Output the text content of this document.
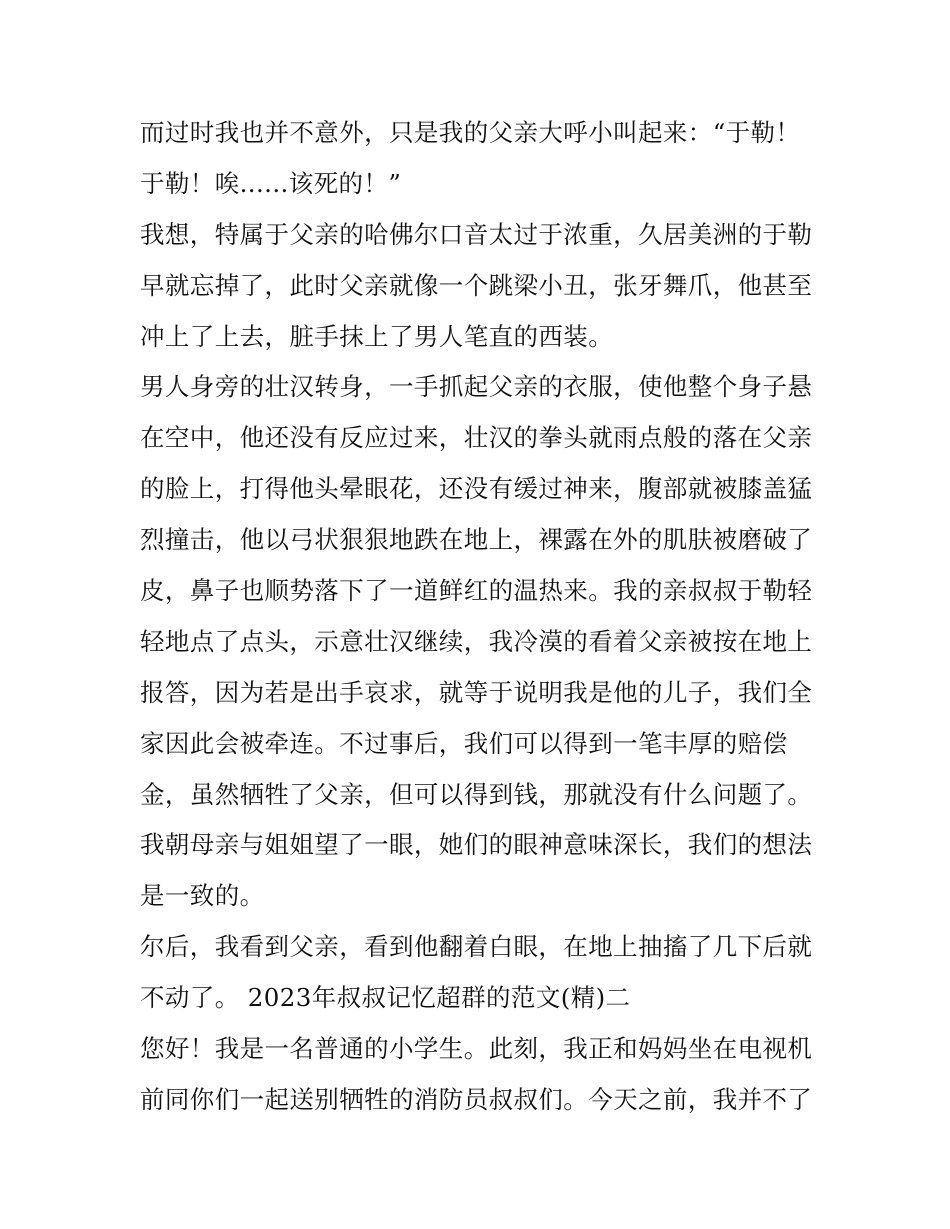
而过时我也并不意外，只是我的父亲大呼小叫起来：“于勒！
于勒！唉......该死的！”
我想，特属于父亲的哈佛尔口音太过于浓重，久居美洲的于勒
早就忘掉了，此时父亲就像一个跳梁小丑，张牙舞爪，他甚至
冲上了上去，脏手抹上了男人笔直的西装。
男人身旁的壮汉转身，一手抓起父亲的衣服，使他整个身子悬
在空中，他还没有反应过来，壮汉的拳头就雨点般的落在父亲
的脸上，打得他头晕眼花，还没有缓过神来，腹部就被膝盖猛
烈撞击，他以弓状狠狠地跌在地上，裸露在外的肌肤被磨破了
皮，鼻子也顺势落下了一道鲜红的温热来。我的亲叔叔于勒轻
轻地点了点头，示意壮汉继续，我冷漠的看着父亲被按在地上
报答，因为若是出手哀求，就等于说明我是他的儿子，我们全
家因此会被牵连。不过事后，我们可以得到一笔丰厚的赔偿
金，虽然牺牲了父亲，但可以得到钱，那就没有什么问题了。
我朝母亲与姐姐望了一眼，她们的眼神意味深长，我们的想法
是一致的。
尔后，我看到父亲，看到他翻着白眼，在地上抽搐了几下后就
不动了。 2023年叔叔记忆超群的范文(精)二
您好！我是一名普通的小学生。此刻，我正和妈妈坐在电视机
前同你们一起送别牺牲的消防员叔叔们。今天之前，我并不了
